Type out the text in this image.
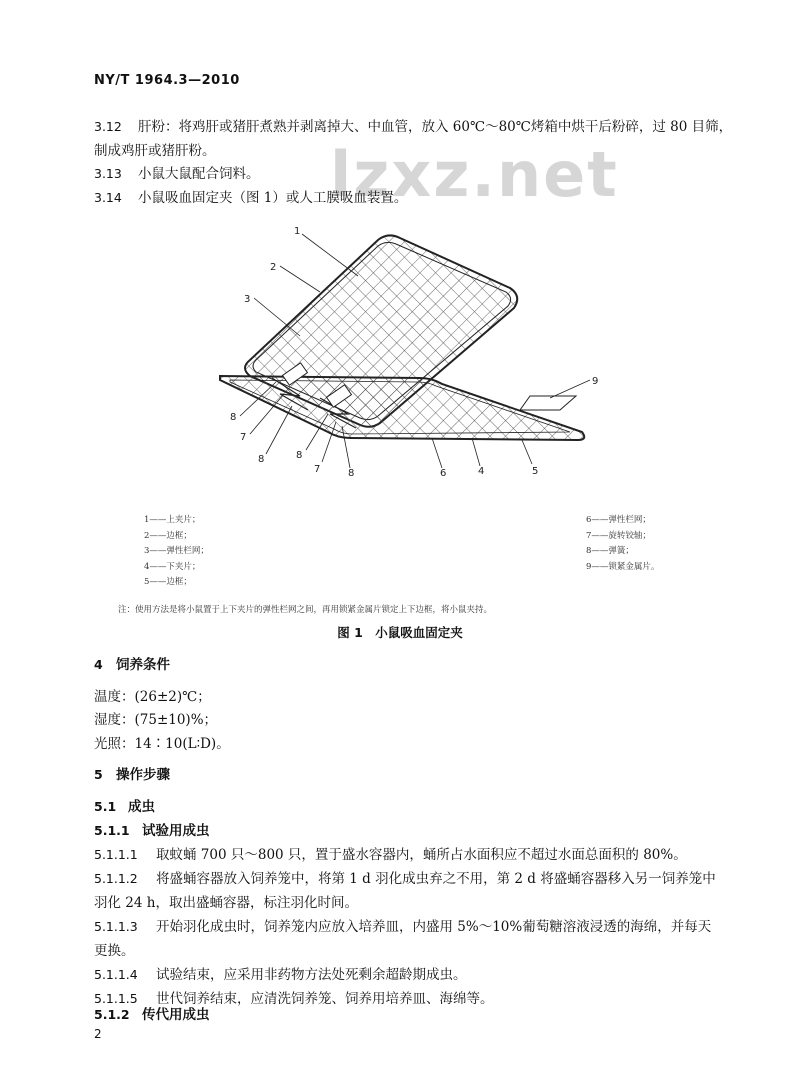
NY/T 1964.3—2010
lzxz.net
3.12 肝粉：将鸡肝或猪肝煮熟并剥离掉大、中血管，放入 60℃～80℃烤箱中烘干后粉碎，过 80 目筛，
制成鸡肝或猪肝粉。
3.13 小鼠大鼠配合饲料。
3.14 小鼠吸血固定夹（图 1）或人工膜吸血装置。
1
2
3
8
7
8	8
7	8	6	4	5
9
1——上夹片；
2——边框；
3——弹性栏网；
4——下夹片；
5——边框；
6——弹性栏网；
7——旋转铰轴；
8——弹簧；
9——锁紧金属片。
注：使用方法是将小鼠置于上下夹片的弹性栏网之间，再用锁紧金属片锁定上下边框，将小鼠夹持。
图 1　小鼠吸血固定夹
4 饲养条件
温度：(26±2)℃；
湿度：(75±10)%；
光照：14∶10(L∶D)。
5 操作步骤
5.1 成虫
5.1.1 试验用成虫
5.1.1.1 取蚊蛹 700 只～800 只，置于盛水容器内，蛹所占水面积应不超过水面总面积的 80%。
5.1.1.2 将盛蛹容器放入饲养笼中，将第 1 d 羽化成虫弃之不用，第 2 d 将盛蛹容器移入另一饲养笼中
羽化 24 h，取出盛蛹容器，标注羽化时间。
5.1.1.3 开始羽化成虫时，饲养笼内应放入培养皿，内盛用 5%～10%葡萄糖溶液浸透的海绵，并每天
更换。
5.1.1.4 试验结束，应采用非药物方法处死剩余超龄期成虫。
5.1.1.5 世代饲养结束，应清洗饲养笼、饲养用培养皿、海绵等。
5.1.2 传代用成虫
2
